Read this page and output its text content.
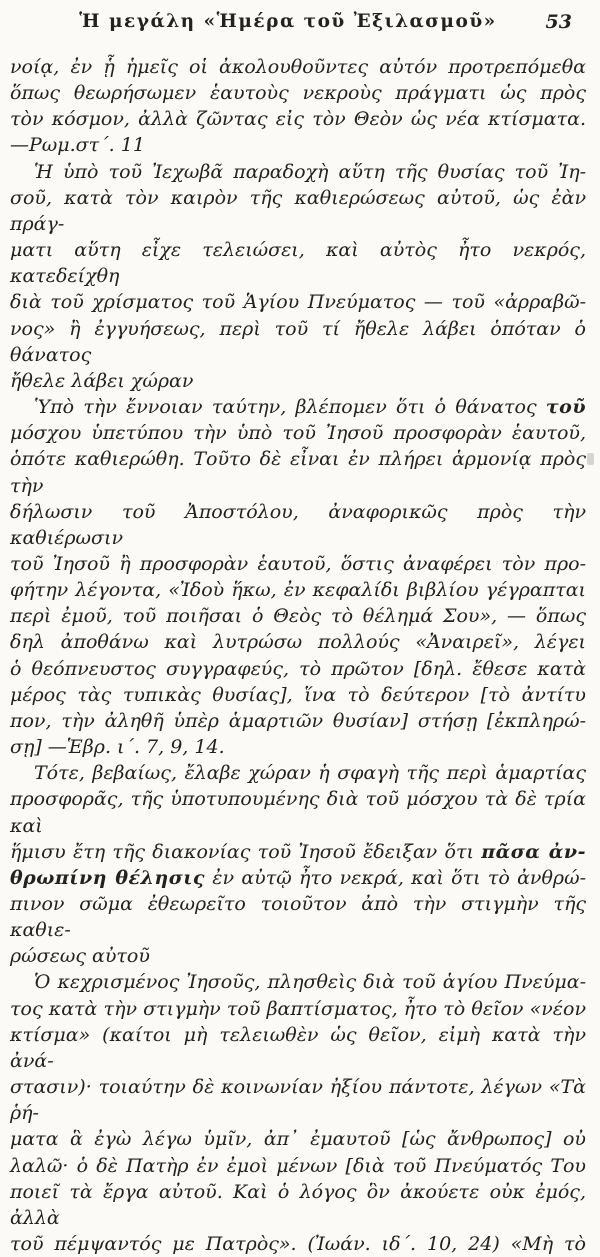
Ἡ μεγάλη «Ἡμέρα τοῦ Ἐξιλασμοῦ»	53
νοίᾳ, ἐν ᾗ ἡμεῖς οἱ ἀκολουθοῦντες αὐτόν προτρεπόμεθα
ὅπως θεωρήσωμεν ἑαυτοὺς νεκροὺς πράγματι ὡς πρὸς
τὸν κόσμον, ἀλλὰ ζῶντας εἰς τὸν Θεὸν ὡς νέα κτίσματα.
—Ρωμ.στ΄. 11
Ἡ ὑπὸ τοῦ Ἰεχωβᾶ παραδοχὴ αὕτη τῆς θυσίας τοῦ Ἰη-
σοῦ, κατὰ τὸν καιρὸν τῆς καθιερώσεως αὐτοῦ, ὡς ἐὰν πράγ-
ματι αὕτη εἶχε τελειώσει, καὶ αὐτὸς ἦτο νεκρός, κατεδείχθη
διὰ τοῦ χρίσματος τοῦ Ἁγίου Πνεύματος — τοῦ «ἀρραβῶ-
νος» ἢ ἐγγυήσεως, περὶ τοῦ τί ἤθελε λάβει ὁπόταν ὁ θάνατος
ἤθελε λάβει χώραν
Ὑπὸ τὴν ἔννοιαν ταύτην, βλέπομεν ὅτι ὁ θάνατος τοῦ
μόσχου ὑπετύπου τὴν ὑπὸ τοῦ Ἰησοῦ προσφορὰν ἑαυτοῦ,
ὁπότε καθιερώθη. Τοῦτο δὲ εἶναι ἐν πλήρει ἁρμονίᾳ πρὸς τὴν
δήλωσιν τοῦ Ἀποστόλου, ἀναφορικῶς πρὸς τὴν καθιέρωσιν
τοῦ Ἰησοῦ ἢ προσφορὰν ἑαυτοῦ, ὅστις ἀναφέρει τὸν προ-
φήτην λέγοντα, «Ἰδοὺ ἥκω, ἐν κεφαλίδι βιβλίου γέγραπται
περὶ ἐμοῦ, τοῦ ποιῆσαι ὁ Θεὸς τὸ θέλημά Σου», — ὅπως
δηλ ἀποθάνω καὶ λυτρώσω πολλούς «Ἀναιρεῖ», λέγει
ὁ θεόπνευστος συγγραφεύς, τὸ πρῶτον [δηλ. ἔθεσε κατὰ
μέρος τὰς τυπικὰς θυσίας], ἵνα τὸ δεύτερον [τὸ ἀντίτυ
πον, τὴν ἀληθῆ ὑπὲρ ἁμαρτιῶν θυσίαν] στήσῃ [ἐκπληρώ-
σῃ] —Ἑβρ. ι΄. 7, 9, 14.
Τότε, βεβαίως, ἔλαβε χώραν ἡ σφαγὴ τῆς περὶ ἁμαρτίας
προσφορᾶς, τῆς ὑποτυπουμένης διὰ τοῦ μόσχου τὰ δὲ τρία καὶ
ἥμισυ ἔτη τῆς διακονίας τοῦ Ἰησοῦ ἔδειξαν ὅτι πᾶσα ἀν-
θρωπίνη θέλησις ἐν αὐτῷ ἦτο νεκρά, καὶ ὅτι τὸ ἀνθρώ-
πινον σῶμα ἐθεωρεῖτο τοιοῦτον ἀπὸ τὴν στιγμὴν τῆς καθιε-
ρώσεως αὐτοῦ
Ὁ κεχρισμένος Ἰησοῦς, πλησθεὶς διὰ τοῦ ἁγίου Πνεύμα-
τος κατὰ τὴν στιγμὴν τοῦ βαπτίσματος, ἦτο τὸ θεῖον «νέον
κτίσμα» (καίτοι μὴ τελειωθὲν ὡς θεῖον, εἰμὴ κατὰ τὴν ἀνά-
στασιν)· τοιαύτην δὲ κοινωνίαν ἠξίου πάντοτε, λέγων «Τὰ ῥή-
ματα ἃ ἐγὼ λέγω ὑμῖν, ἀπ᾽ ἐμαυτοῦ [ὡς ἄνθρωπος] οὐ
λαλῶ· ὁ δὲ Πατὴρ ἐν ἐμοὶ μένων [διὰ τοῦ Πνεύματός Του
ποιεῖ τὰ ἔργα αὐτοῦ. Καὶ ὁ λόγος ὃν ἀκούετε οὐκ ἐμός, ἀλλὰ
τοῦ πέμψαντός με Πατρὸς». (Ἰωάν. ιδ΄. 10, 24) «Μὴ τὸ
